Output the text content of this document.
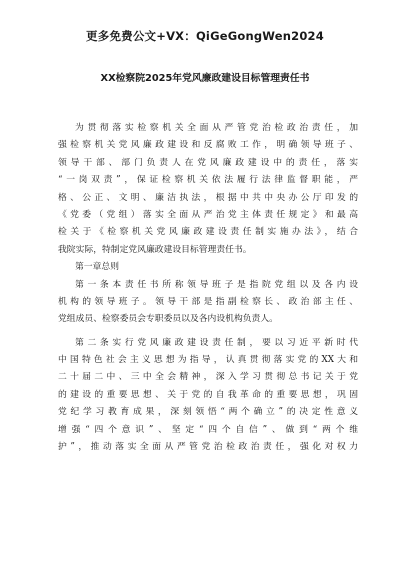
更多免费公文+VX：QiGeGongWen2024
XX检察院2025年党风廉政建设目标管理责任书
为贯彻落实检察机关全面从严管党治检政治责任，加
强检察机关党风廉政建设和反腐败工作，明确领导班子、
领导干部、部门负责人在党风廉政建设中的责任，落实
“一岗双责”，保证检察机关依法履行法律监督职能，严
格、公正、文明、廉洁执法，根据中共中央办公厅印发的
《党委（党组）落实全面从严治党主体责任规定》和最高
检关于《检察机关党风廉政建设责任制实施办法》，结合
我院实际，特制定党风廉政建设目标管理责任书。
第一章总则
第一条本责任书所称领导班子是指院党组以及各内设
机构的领导班子。领导干部是指副检察长、政治部主任、
党组成员、检察委员会专职委员以及各内设机构负责人。
第二条实行党风廉政建设责任制，要以习近平新时代
中国特色社会主义思想为指导，认真贯彻落实党的XX大和
二十届二中、三中全会精神，深入学习贯彻总书记关于党
的建设的重要思想、关于党的自我革命的重要思想，巩固
党纪学习教育成果，深刻领悟“两个确立”的决定性意义
增强“四个意识”、坚定“四个自信”、做到“两个维
护”，推动落实全面从严管党治检政治责任，强化对权力
